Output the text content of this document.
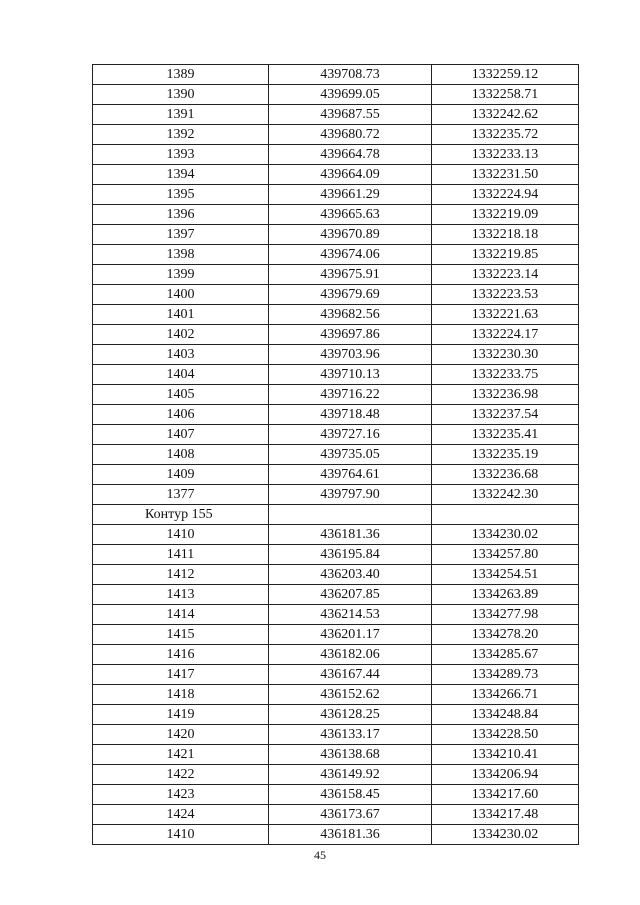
1389	439708.73	1332259.12
1390	439699.05	1332258.71
1391	439687.55	1332242.62
1392	439680.72	1332235.72
1393	439664.78	1332233.13
1394	439664.09	1332231.50
1395	439661.29	1332224.94
1396	439665.63	1332219.09
1397	439670.89	1332218.18
1398	439674.06	1332219.85
1399	439675.91	1332223.14
1400	439679.69	1332223.53
1401	439682.56	1332221.63
1402	439697.86	1332224.17
1403	439703.96	1332230.30
1404	439710.13	1332233.75
1405	439716.22	1332236.98
1406	439718.48	1332237.54
1407	439727.16	1332235.41
1408	439735.05	1332235.19
1409	439764.61	1332236.68
1377	439797.90	1332242.30
Контур 155		
1410	436181.36	1334230.02
1411	436195.84	1334257.80
1412	436203.40	1334254.51
1413	436207.85	1334263.89
1414	436214.53	1334277.98
1415	436201.17	1334278.20
1416	436182.06	1334285.67
1417	436167.44	1334289.73
1418	436152.62	1334266.71
1419	436128.25	1334248.84
1420	436133.17	1334228.50
1421	436138.68	1334210.41
1422	436149.92	1334206.94
1423	436158.45	1334217.60
1424	436173.67	1334217.48
1410	436181.36	1334230.02
45
